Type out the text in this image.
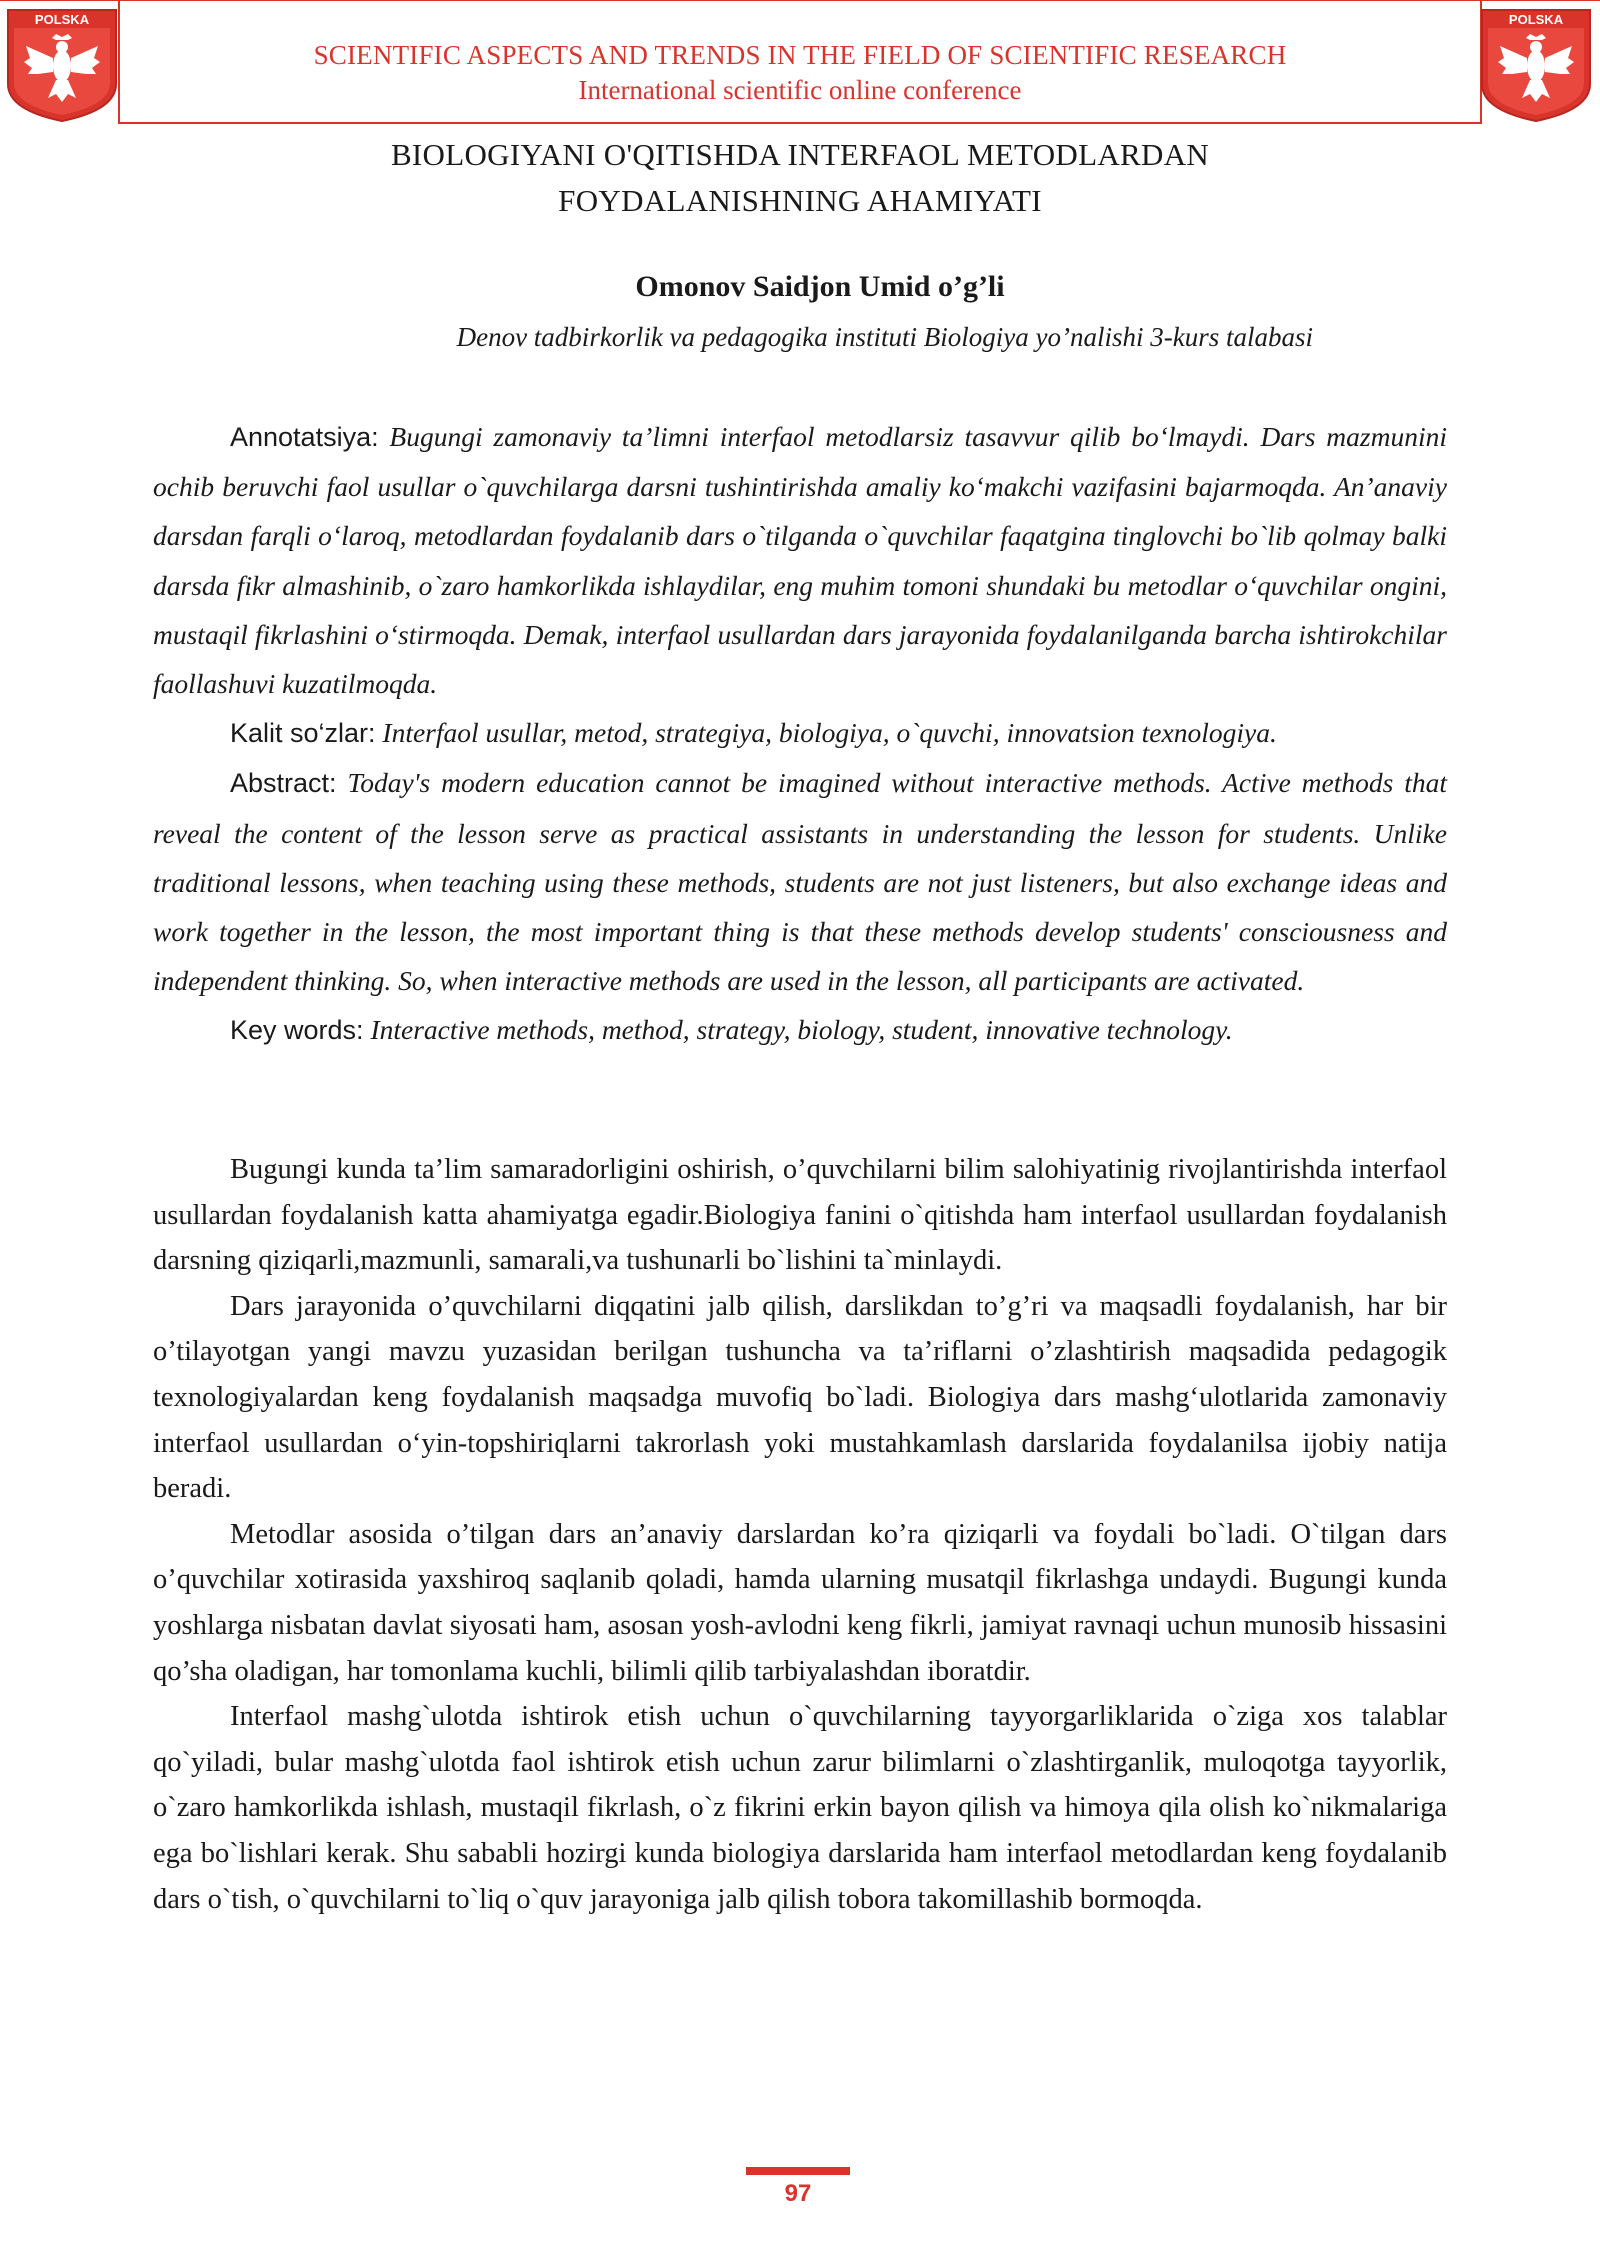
POLSKA	POLSKA
SCIENTIFIC ASPECTS AND TRENDS IN THE FIELD OF SCIENTIFIC RESEARCH
International scientific online conference
BIOLOGIYANI O'QITISHDA INTERFAOL METODLARDAN
FOYDALANISHNING AHAMIYATI
Omonov Saidjon Umid o’g’li
Denov tadbirkorlik va pedagogika instituti Biologiya yo’nalishi 3-kurs talabasi

Annotatsiya: Bugungi zamonaviy ta’limni interfaol metodlarsiz tasavvur qilib bo‘lmaydi. Dars mazmunini ochib beruvchi faol usullar o`quvchilarga darsni tushintirishda amaliy ko‘makchi vazifasini bajarmoqda. An’anaviy darsdan farqli o‘laroq, metodlardan foydalanib dars o`tilganda o`quvchilar faqatgina tinglovchi bo`lib qolmay balki darsda fikr almashinib, o`zaro hamkorlikda ishlaydilar, eng muhim tomoni shundaki bu metodlar o‘quvchilar ongini, mustaqil fikrlashini o‘stirmoqda. Demak, interfaol usullardan dars jarayonida foydalanilganda barcha ishtirokchilar faollashuvi kuzatilmoqda.

Kalit so‘zlar: Interfaol usullar, metod, strategiya, biologiya, o`quvchi, innovatsion texnologiya.

Abstract: Today's modern education cannot be imagined without interactive methods. Active methods that reveal the content of the lesson serve as practical assistants in understanding the lesson for students. Unlike traditional lessons, when teaching using these methods, students are not just listeners, but also exchange ideas and work together in the lesson, the most important thing is that these methods develop students' consciousness and independent thinking. So, when interactive methods are used in the lesson, all participants are activated.

Key words: Interactive methods, method, strategy, biology, student, innovative technology.

Bugungi kunda ta’lim samaradorligini oshirish, o’quvchilarni bilim salohiyatinig rivojlantirishda interfaol usullardan foydalanish katta ahamiyatga egadir.Biologiya fanini o`qitishda ham interfaol usullardan foydalanish darsning qiziqarli,mazmunli, samarali,va tushunarli bo`lishini ta`minlaydi.

Dars jarayonida o’quvchilarni diqqatini jalb qilish, darslikdan to’g’ri va maqsadli foydalanish, har bir o’tilayotgan yangi mavzu yuzasidan berilgan tushuncha va ta’riflarni o’zlashtirish maqsadida pedagogik texnologiyalardan keng foydalanish maqsadga muvofiq bo`ladi. Biologiya dars mashg‘ulotlarida zamonaviy interfaol usullardan o‘yin-topshiriqlarni takrorlash yoki mustahkamlash darslarida foydalanilsa ijobiy natija beradi.

Metodlar asosida o’tilgan dars an’anaviy darslardan ko’ra qiziqarli va foydali bo`ladi. O`tilgan dars o’quvchilar xotirasida yaxshiroq saqlanib qoladi, hamda ularning musatqil fikrlashga undaydi. Bugungi kunda yoshlarga nisbatan davlat siyosati ham, asosan yosh-avlodni keng fikrli, jamiyat ravnaqi uchun munosib hissasini qo’sha oladigan, har tomonlama kuchli, bilimli qilib tarbiyalashdan iboratdir.

Interfaol mashg`ulotda ishtirok etish uchun o`quvchilarning tayyorgarliklarida o`ziga xos talablar qo`yiladi, bular mashg`ulotda faol ishtirok etish uchun zarur bilimlarni o`zlashtirganlik, muloqotga tayyorlik, o`zaro hamkorlikda ishlash, mustaqil fikrlash, o`z fikrini erkin bayon qilish va himoya qila olish ko`nikmalariga ega bo`lishlari kerak. Shu sababli hozirgi kunda biologiya darslarida ham interfaol metodlardan keng foydalanib dars o`tish, o`quvchilarni to`liq o`quv jarayoniga jalb qilish tobora takomillashib bormoqda.

97
